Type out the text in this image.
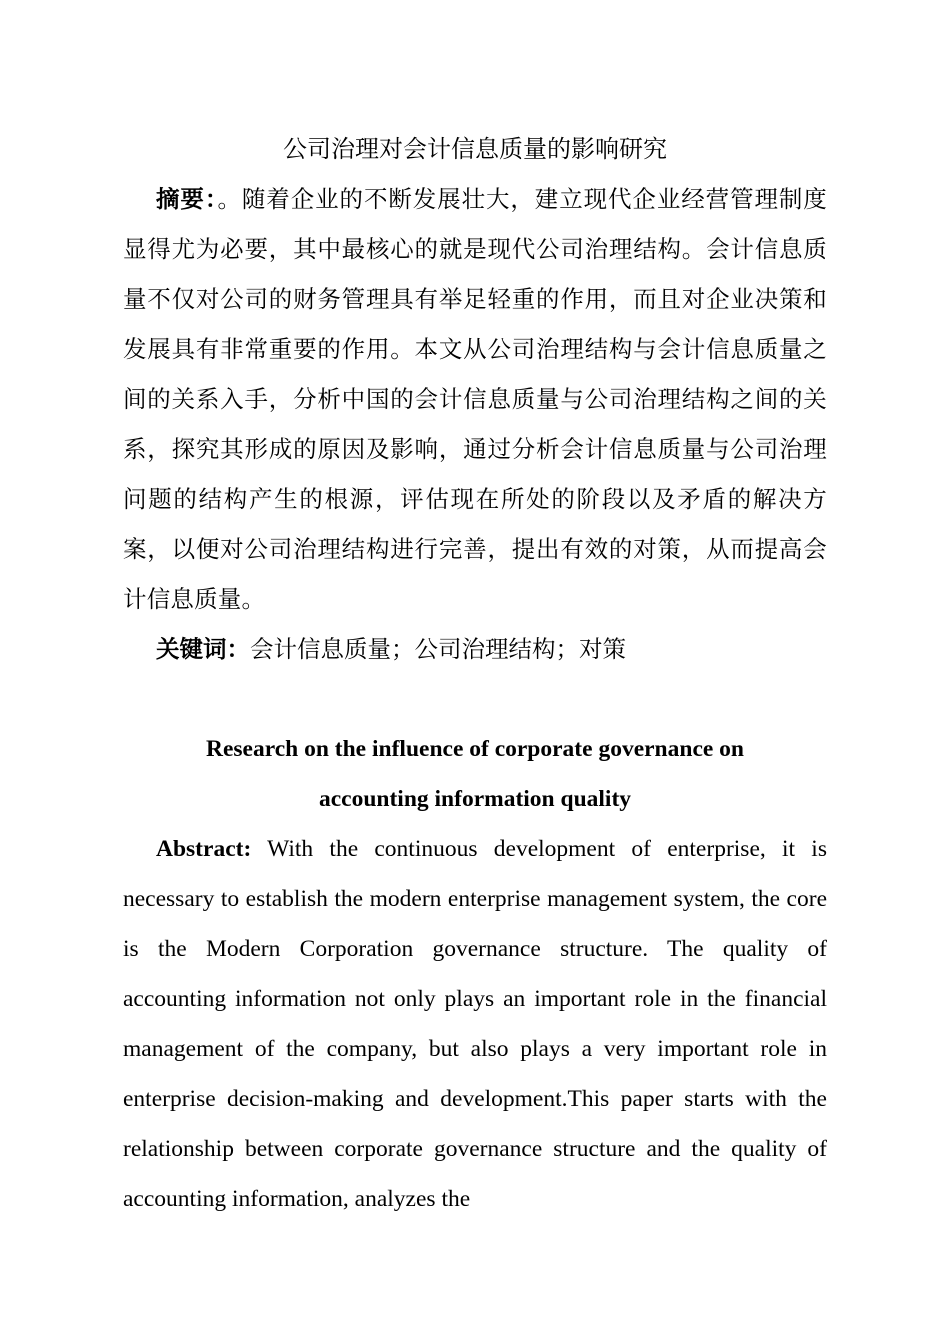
公司治理对会计信息质量的影响研究

摘要：。随着企业的不断发展壮大，建立现代企业经营管理制度显得尤为必要，其中最核心的就是现代公司治理结构。会计信息质量不仅对公司的财务管理具有举足轻重的作用，而且对企业决策和发展具有非常重要的作用。本文从公司治理结构与会计信息质量之间的关系入手，分析中国的会计信息质量与公司治理结构之间的关系，探究其形成的原因及影响，通过分析会计信息质量与公司治理问题的结构产生的根源，评估现在所处的阶段以及矛盾的解决方案，以便对公司治理结构进行完善，提出有效的对策，从而提高会计信息质量。

关键词：会计信息质量；公司治理结构；对策

Research on the influence of corporate governance on
accounting information quality

Abstract: With the continuous development of enterprise, it is necessary to establish the modern enterprise management system, the core is the Modern Corporation governance structure. The quality of accounting information not only plays an important role in the financial management of the company, but also plays a very important role in enterprise decision-making and development.This paper starts with the relationship between corporate governance structure and the quality of accounting information, analyzes the
